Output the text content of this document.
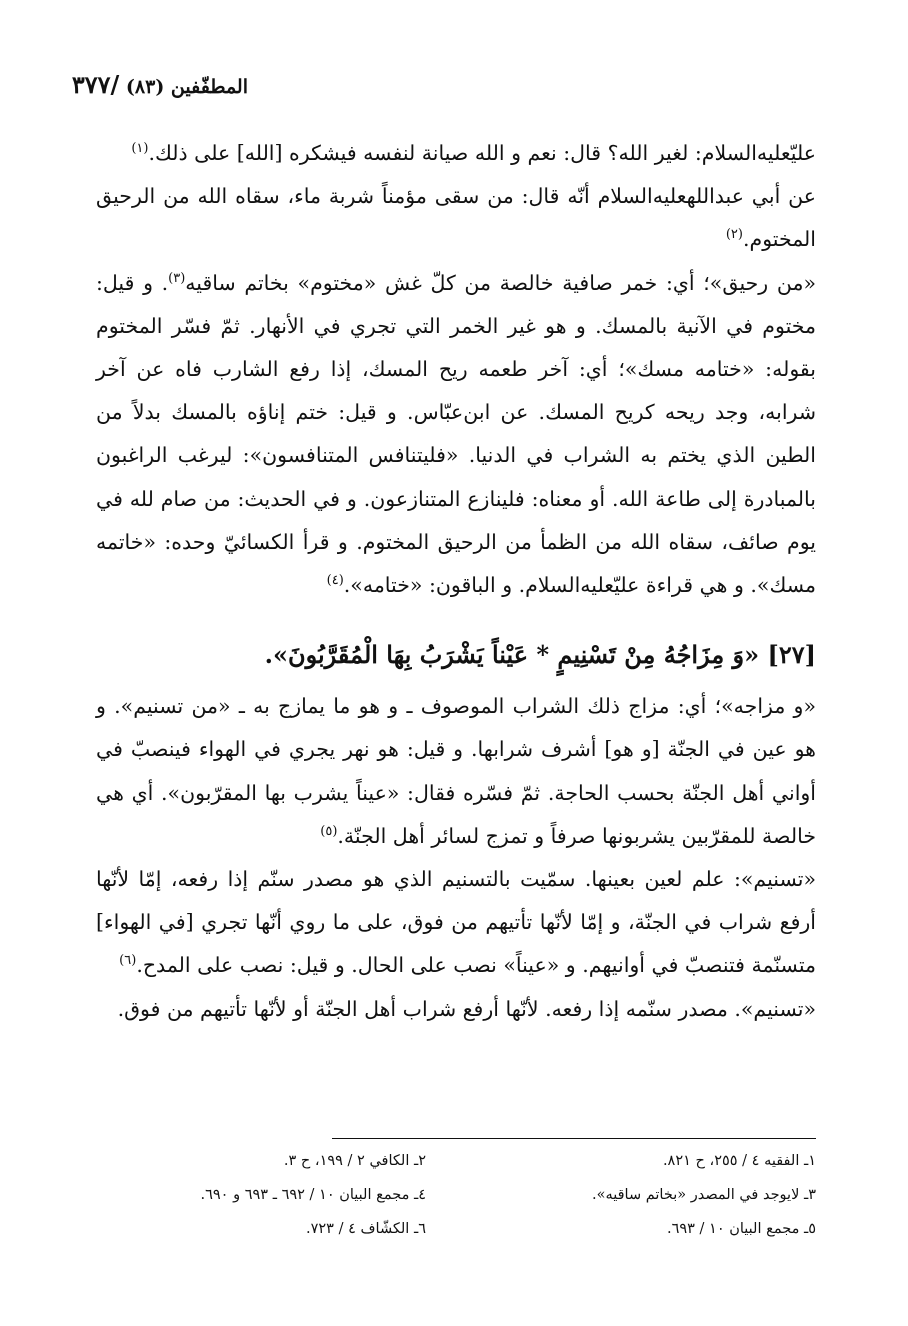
المطفّفين (٨٣) /٣٧٧

عليّ‏عليه‌السلام: لغير الله؟ قال: نعم و الله صيانة لنفسه فيشكره [الله] على ذلك.$^{(١)}$

عن أبي عبدالله‏عليه‌السلام أنّه قال: من سقى مؤمناً شربة ماء، سقاه الله من الرحيق المختوم.$^{(٢)}$

«من رحيق»؛ أي: خمر صافية خالصة من كلّ غش «مختوم» بخاتم ساقيه$^{(٣)}$. و قيل: مختوم في الآنية بالمسك. و هو غير الخمر التي تجري في الأنهار. ثمّ فسّر المختوم بقوله: «ختامه مسك»؛ أي: آخر طعمه ريح المسك، إذا رفع الشارب فاه عن آخر شرابه، وجد ريحه كريح المسك. عن ابن‌عبّاس. و قيل: ختم إناؤه بالمسك بدلاً من الطين الذي يختم به الشراب في الدنيا. «فليتنافس المتنافسون»: ليرغب الراغبون بالمبادرة إلى طاعة الله. أو معناه: فلينازع المتنازعون. و في الحديث: من صام لله في يوم صائف، سقاه الله من الظمأ من الرحيق المختوم. و قرأ الكسائيّ وحده: «خاتمه مسك». و هي قراءة عليّ‏عليه‌السلام. و الباقون: «ختامه».$^{(٤)}$

[٢٧] «وَ مِزَاجُهُ مِنْ تَسْنِيمٍ * عَيْناً يَشْرَبُ بِهَا الْمُقَرَّبُونَ».

«و مزاجه»؛ أي: مزاج ذلك الشراب الموصوف ـ و هو ما يمازج به ـ «من تسنيم». و هو عين في الجنّة [و هو] أشرف شرابها. و قيل: هو نهر يجري في الهواء فينصبّ في أواني أهل الجنّة بحسب الحاجة. ثمّ فسّره فقال: «عيناً يشرب بها المقرّبون». أي هي خالصة للمقرّبين يشربونها صرفاً و تمزج لسائر أهل الجنّة.$^{(٥)}$

«تسنيم»: علم لعين بعينها. سمّيت بالتسنيم الذي هو مصدر سنّم إذا رفعه، إمّا لأنّها أرفع شراب في الجنّة، و إمّا لأنّها تأتيهم من فوق، على ما روي أنّها تجري [في الهواء] متسنّمة فتنصبّ في أوانيهم. و «عيناً» نصب على الحال. و قيل: نصب على المدح.$^{(٦)}$

«تسنيم». مصدر سنّمه إذا رفعه. لأنّها أرفع شراب أهل الجنّة أو لأنّها تأتيهم من فوق.

١ـ الفقيه ٤ / ٢٥٥، ح ٨٢١.
٢ـ الكافي ٢ / ١٩٩، ح ٣.
٣ـ لايوجد في المصدر «بخاتم ساقيه».
٤ـ مجمع البيان ١٠ / ٦٩٢ ـ ٦٩٣ و ٦٩٠.
٥ـ مجمع البيان ١٠ / ٦٩٣.
٦ـ الكشّاف ٤ / ٧٢٣.
